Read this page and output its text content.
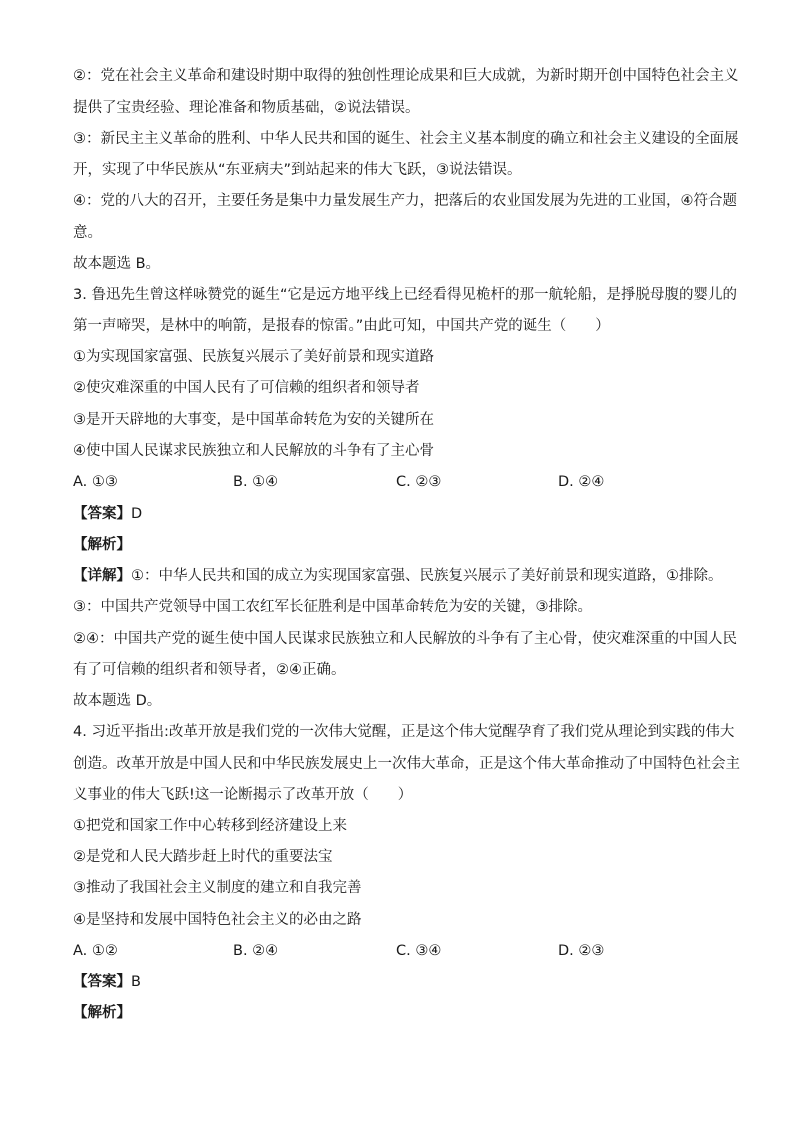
②：党在社会主义革命和建设时期中取得的独创性理论成果和巨大成就，为新时期开创中国特色社会主义
提供了宝贵经验、理论准备和物质基础，②说法错误。
③：新民主主义革命的胜利、中华人民共和国的诞生、社会主义基本制度的确立和社会主义建设的全面展
开，实现了中华民族从“东亚病夫”到站起来的伟大飞跃，③说法错误。
④：党的八大的召开，主要任务是集中力量发展生产力，把落后的农业国发展为先进的工业国，④符合题
意。
故本题选 B。
3. 鲁迅先生曾这样咏赞党的诞生“它是远方地平线上已经看得见桅杆的那一航轮船，是掙脱母腹的婴儿的
第一声啼哭，是林中的响箭，是报春的惊雷。”由此可知，中国共产党的诞生（　　）
①为实现国家富强、民族复兴展示了美好前景和现实道路
②使灾难深重的中国人民有了可信赖的组织者和领导者
③是开天辟地的大事变，是中国革命转危为安的关键所在
④使中国人民谋求民族独立和人民解放的斗争有了主心骨
A. ①③	B. ①④	C. ②③	D. ②④
【答案】D
【解析】
【详解】①：中华人民共和国的成立为实现国家富强、民族复兴展示了美好前景和现实道路，①排除。
③：中国共产党领导中国工农红军长征胜利是中国革命转危为安的关键，③排除。
②④：中国共产党的诞生使中国人民谋求民族独立和人民解放的斗争有了主心骨，使灾难深重的中国人民
有了可信赖的组织者和领导者，②④正确。
故本题选 D。
4. 习近平指出:改革开放是我们党的一次伟大觉醒，正是这个伟大觉醒孕育了我们党从理论到实践的伟大
创造。改革开放是中国人民和中华民族发展史上一次伟大革命，正是这个伟大革命推动了中国特色社会主
义事业的伟大飞跃!这一论断揭示了改革开放（　　）
①把党和国家工作中心转移到经济建设上来
②是党和人民大踏步赶上时代的重要法宝
③推动了我国社会主义制度的建立和自我完善
④是坚持和发展中国特色社会主义的必由之路
A. ①②	B. ②④	C. ③④	D. ②③
【答案】B
【解析】
